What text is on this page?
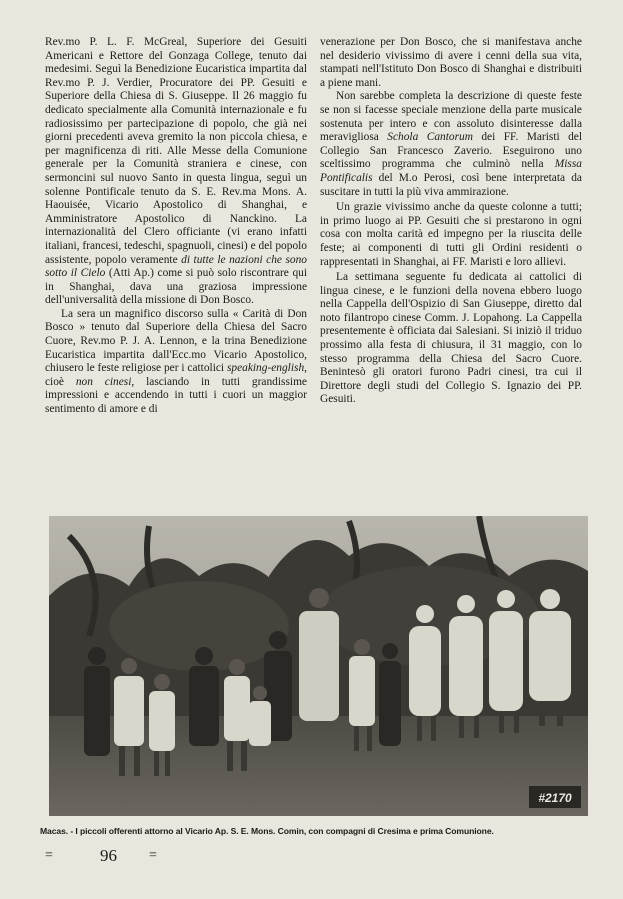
Rev.mo P. L. F. McGreal, Superiore dei Gesuiti Americani e Rettore del Gonzaga College, tenuto dai medesimi. Seguì la Benedizione Eucaristica impartita dal Rev.mo P. J. Verdier, Procuratore dei PP. Gesuiti e Superiore della Chiesa di S. Giuseppe. Il 26 maggio fu dedicato specialmente alla Comunità internazionale e fu radiosissimo per partecipazione di popolo, che già nei giorni precedenti aveva gremito la non piccola chiesa, e per magnificenza di riti. Alle Messe della Comunione generale per la Comunità straniera e cinese, con sermoncini sul nuovo Santo in questa lingua, seguì un solenne Pontificale tenuto da S. E. Rev.ma Mons. A. Haouisée, Vicario Apostolico di Shanghai, e Amministratore Apostolico di Nanckino. La internazionalità del Clero officiante (vi erano infatti italiani, francesi, tedeschi, spagnuoli, cinesi) e del popolo assistente, popolo veramente di tutte le nazioni che sono sotto il Cielo (Atti Ap.) come si può solo riscontrare qui in Shanghai, dava una graziosa impressione dell'universalità della missione di Don Bosco.

La sera un magnifico discorso sulla « Carità di Don Bosco » tenuto dal Superiore della Chiesa del Sacro Cuore, Rev.mo P. J. A. Lennon, e la trina Benedizione Eucaristica impartita dall'Ecc.mo Vicario Apostolico, chiusero le feste religiose per i cattolici speaking-english, cioè non cinesi, lasciando in tutti grandissime impressioni e accendendo in tutti i cuori un maggior sentimento di amore e di

venerazione per Don Bosco, che si manifestava anche nel desiderio vivissimo di avere i cenni della sua vita, stampati nell'Istituto Don Bosco di Shanghai e distribuiti a piene mani.

Non sarebbe completa la descrizione di queste feste se non si facesse speciale menzione della parte musicale sostenuta per intero e con assoluto disinteresse dalla meravigliosa Schola Cantorum dei FF. Maristi del Collegio San Francesco Zaverio. Eseguirono uno sceltissimo programma che culminò nella Missa Pontificalis del M.o Perosi, così bene interpretata da suscitare in tutti la più viva ammirazione.

Un grazie vivissimo anche da queste colonne a tutti; in primo luogo ai PP. Gesuiti che si prestarono in ogni cosa con molta carità ed impegno per la riuscita delle feste; ai componenti di tutti gli Ordini residenti o rappresentati in Shanghai, ai FF. Maristi e loro allievi.

La settimana seguente fu dedicata ai cattolici di lingua cinese, e le funzioni della novena ebbero luogo nella Cappella dell'Ospizio di San Giuseppe, diretto dal noto filantropo cinese Comm. J. Lopahong. La Cappella presentemente è officiata dai Salesiani. Si iniziò il triduo prossimo alla festa di chiusura, il 31 maggio, con lo stesso programma della Chiesa del Sacro Cuore. Benintesò gli oratori furono Padri cinesi, tra cui il Direttore degli studi del Collegio S. Ignazio dei PP. Gesuiti.

#2170
Macas. - I piccoli offerenti attorno al Vicario Ap. S. E. Mons. Comin, con compagni di Cresima e prima Comunione.
=	96 =
